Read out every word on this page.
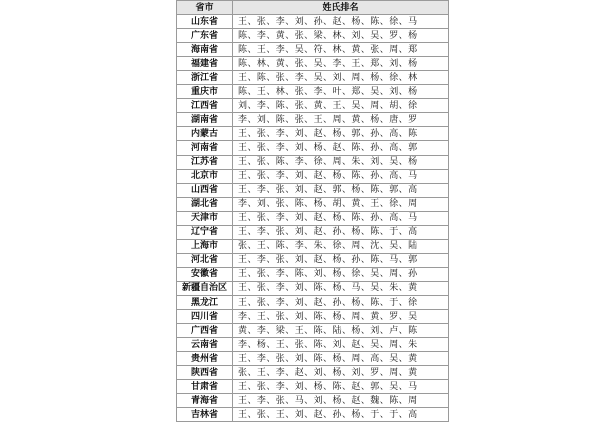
省市	姓氏排名
山东省	王、张、李、刘、孙、赵、杨、陈、徐、马
广东省	陈、李、黄、张、梁、林、刘、吴、罗、杨
海南省	陈、王、李、吴、符、林、黄、张、周、郑
福建省	陈、林、黄、张、吴、李、王、郑、刘、杨
浙江省	王、陈、张、李、吴、刘、周、杨、徐、林
重庆市	陈、王、林、张、李、叶、郑、吴、刘、杨
江西省	刘、李、陈、张、黄、王、吴、周、胡、徐
湖南省	李、刘、陈、张、王、周、黄、杨、唐、罗
内蒙古	王、张、李、刘、赵、杨、郭、孙、高、陈
河南省	王、张、李、刘、杨、赵、陈、孙、高、郭
江苏省	王、张、陈、李、徐、周、朱、刘、吴、杨
北京市	王、张、李、刘、赵、杨、陈、孙、高、马
山西省	王、李、张、刘、赵、郭、杨、陈、郭、高
湖北省	李、刘、张、陈、杨、胡、黄、王、徐、周
天津市	王、张、李、刘、赵、杨、陈、孙、高、马
辽宁省	王、李、张、刘、赵、孙、杨、陈、于、高
上海市	张、王、陈、李、朱、徐、周、沈、吴、陆
河北省	王、李、张、刘、赵、杨、孙、陈、马、郭
安徽省	王、张、李、陈、刘、杨、徐、吴、周、孙
新疆自治区	王、张、李、刘、陈、杨、马、吴、朱、黄
黑龙江	王、张、李、刘、赵、孙、杨、陈、于、徐
四川省	李、王、张、刘、陈、杨、周、黄、罗、吴
广西省	黄、李、梁、王、陈、陆、杨、刘、卢、陈
云南省	李、杨、王、张、陈、刘、赵、吴、周、朱
贵州省	王、李、张、刘、陈、杨、周、高、吴、黄
陕西省	张、王、李、赵、刘、杨、刘、罗、周、黄
甘肃省	王、张、李、刘、杨、陈、赵、郭、吴、马
青海省	王、李、张、马、刘、杨、赵、魏、陈、周
吉林省	王、张、王、刘、赵、孙、杨、于、于、高
